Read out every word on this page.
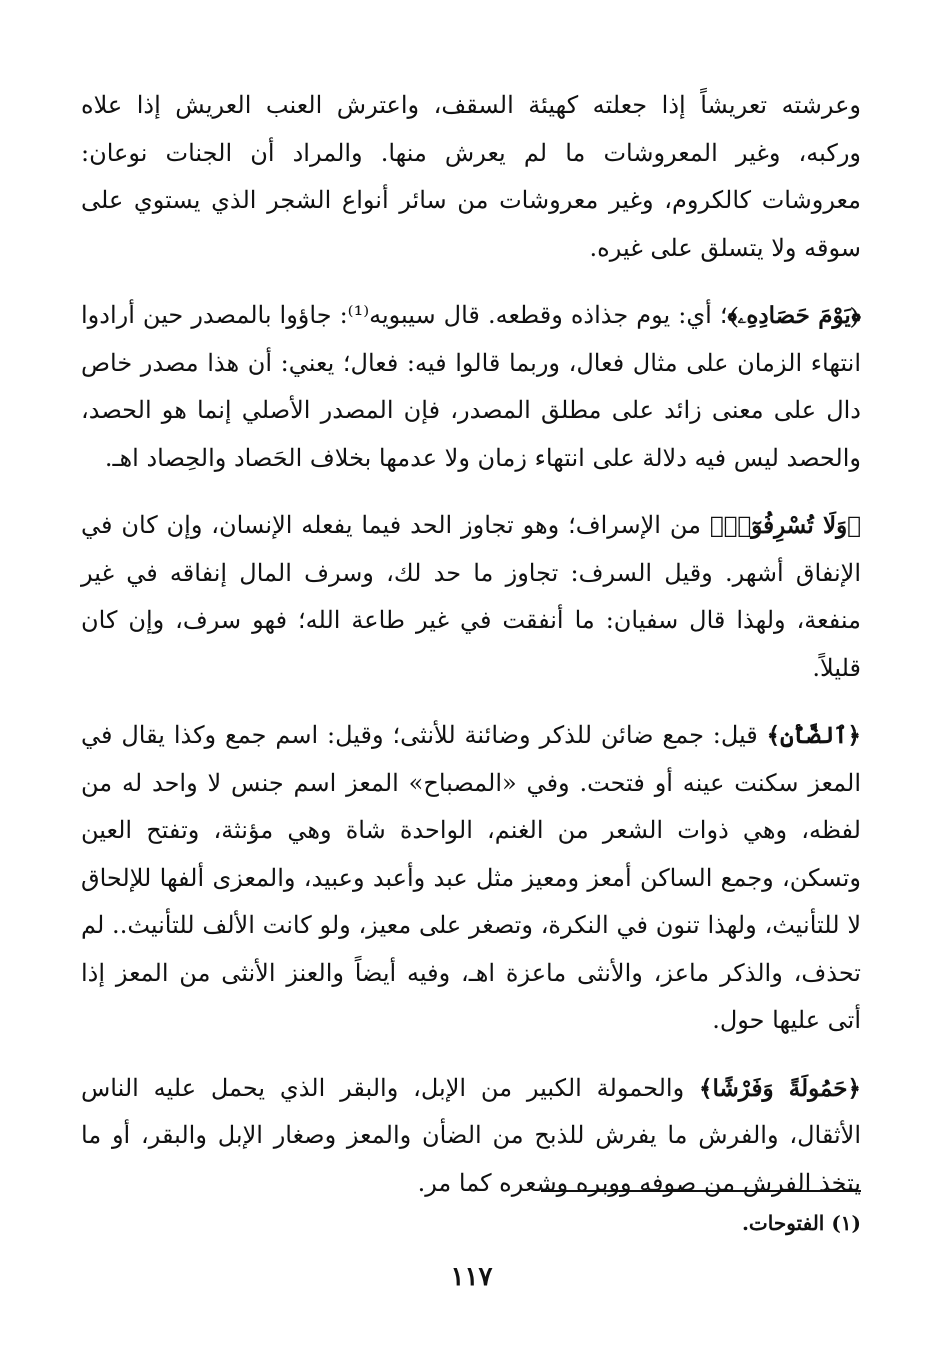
وعرشته تعريشاً إذا جعلته كهيئة السقف، واعترش العنب العريش إذا علاه وركبه، وغير المعروشات ما لم يعرش منها. والمراد أن الجنات نوعان: معروشات كالكروم، وغير معروشات من سائر أنواع الشجر الذي يستوي على سوقه ولا يتسلق على غيره.

﴿يَوْمَ حَصَادِهِۦ﴾؛ أي: يوم جذاذه وقطعه. قال سيبويه⁽¹⁾: جاؤوا بالمصدر حين أرادوا انتهاء الزمان على مثال فعال، وربما قالوا فيه: فعال؛ يعني: أن هذا مصدر خاص دال على معنى زائد على مطلق المصدر، فإن المصدر الأصلي إنما هو الحصد، والحصد ليس فيه دلالة على انتهاء زمان ولا عدمها بخلاف الحَصاد والحِصاد اهـ.

﴿وَلَا تُسْرِفُوٓا۟﴾ من الإسراف؛ وهو تجاوز الحد فيما يفعله الإنسان، وإن كان في الإنفاق أشهر. وقيل السرف: تجاوز ما حد لك، وسرف المال إنفاقه في غير منفعة، ولهذا قال سفيان: ما أنفقت في غير طاعة الله؛ فهو سرف، وإن كان قليلاً.

﴿ٱلضَّأْنِ﴾ قيل: جمع ضائن للذكر وضائنة للأنثى؛ وقيل: اسم جمع وكذا يقال في المعز سكنت عينه أو فتحت. وفي «المصباح» المعز اسم جنس لا واحد له من لفظه، وهي ذوات الشعر من الغنم، الواحدة شاة وهي مؤنثة، وتفتح العين وتسكن، وجمع الساكن أمعز ومعيز مثل عبد وأعبد وعبيد، والمعزى ألفها للإلحاق لا للتأنيث، ولهذا تنون في النكرة، وتصغر على معيز، ولو كانت الألف للتأنيث.. لم تحذف، والذكر ماعز، والأنثى ماعزة اهـ، وفيه أيضاً والعنز الأنثى من المعز إذا أتى عليها حول.

﴿حَمُولَةً وَفَرْشًا﴾ والحمولة الكبير من الإبل، والبقر الذي يحمل عليه الناس الأثقال، والفرش ما يفرش للذبح من الضأن والمعز وصغار الإبل والبقر، أو ما يتخذ الفرش من صوفه ووبره وشعره كما مر.

(١) الفتوحات.
١١٧
